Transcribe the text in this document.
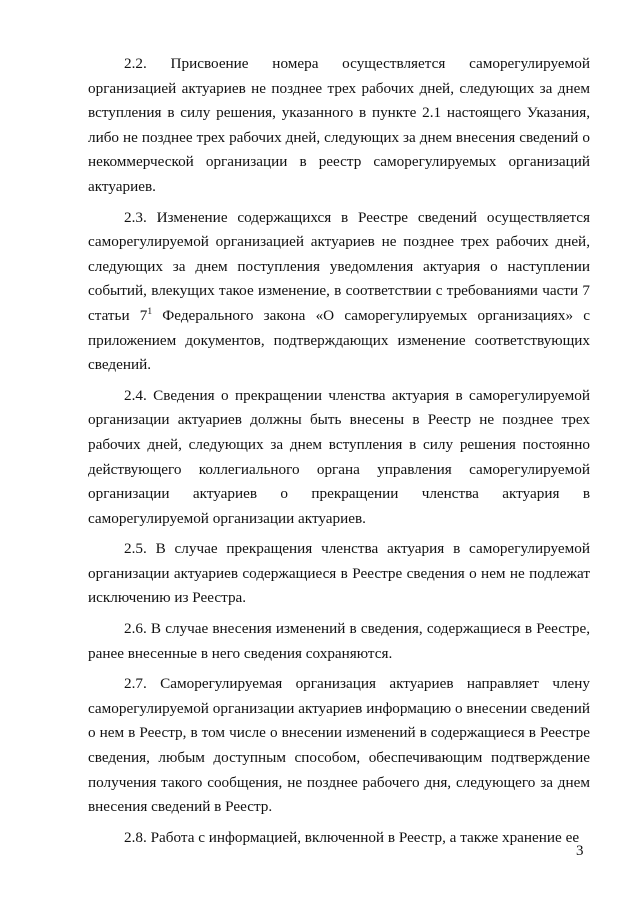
2.2. Присвоение номера осуществляется саморегулируемой организацией актуариев не позднее трех рабочих дней, следующих за днем вступления в силу решения, указанного в пункте 2.1 настоящего Указания, либо не позднее трех рабочих дней, следующих за днем внесения сведений о некоммерческой организации в реестр саморегулируемых организаций актуариев.

2.3. Изменение содержащихся в Реестре сведений осуществляется саморегулируемой организацией актуариев не позднее трех рабочих дней, следующих за днем поступления уведомления актуария о наступлении событий, влекущих такое изменение, в соответствии с требованиями части 7 статьи $7^1$ Федерального закона «О саморегулируемых организациях» с приложением документов, подтверждающих изменение соответствующих сведений.

2.4. Сведения о прекращении членства актуария в саморегулируемой организации актуариев должны быть внесены в Реестр не позднее трех рабочих дней, следующих за днем вступления в силу решения постоянно действующего коллегиального органа управления саморегулируемой организации актуариев о прекращении членства актуария в саморегулируемой организации актуариев.

2.5. В случае прекращения членства актуария в саморегулируемой организации актуариев содержащиеся в Реестре сведения о нем не подлежат исключению из Реестра.

2.6. В случае внесения изменений в сведения, содержащиеся в Реестре, ранее внесенные в него сведения сохраняются.

2.7. Саморегулируемая организация актуариев направляет члену саморегулируемой организации актуариев информацию о внесении сведений о нем в Реестр, в том числе о внесении изменений в содержащиеся в Реестре сведения, любым доступным способом, обеспечивающим подтверждение получения такого сообщения, не позднее рабочего дня, следующего за днем внесения сведений в Реестр.

2.8. Работа с информацией, включенной в Реестр, а также хранение ее

3
